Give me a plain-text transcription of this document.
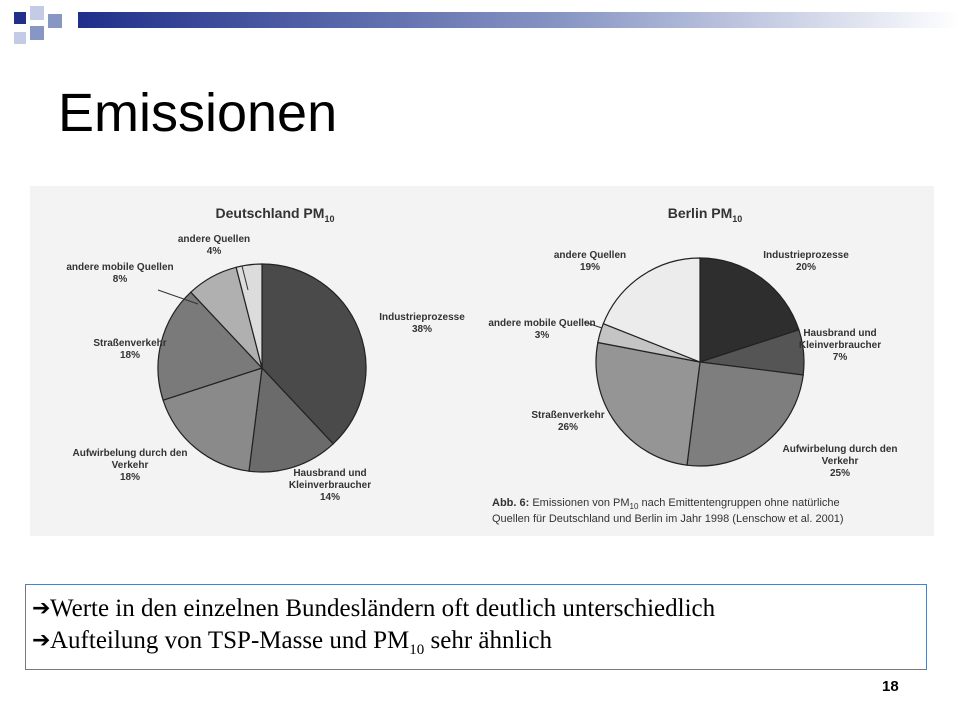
Emissionen
Deutschland $PM_{10}$
Industrieprozesse 38%
Hausbrand und Kleinverbraucher 14%
Aufwirbelung durch den Verkehr 18%
Straßenverkehr 18%
andere mobile Quellen 8%
andere Quellen 4%
Berlin $PM_{10}$
Industrieprozesse 20%
Hausbrand und Kleinverbraucher 7%
Aufwirbelung durch den Verkehr 25%
Straßenverkehr 26%
andere mobile Quellen 3%
andere Quellen 19%
Abb. 6: Emissionen von $PM_{10}$ nach Emittentengruppen ohne natürliche
Quellen für Deutschland und Berlin im Jahr 1998 (Lenschow et al. 2001)
➔ Werte in den einzelnen Bundesländern oft deutlich unterschiedlich
➔ Aufteilung von TSP-Masse und $PM_{10}$ sehr ähnlich
18
